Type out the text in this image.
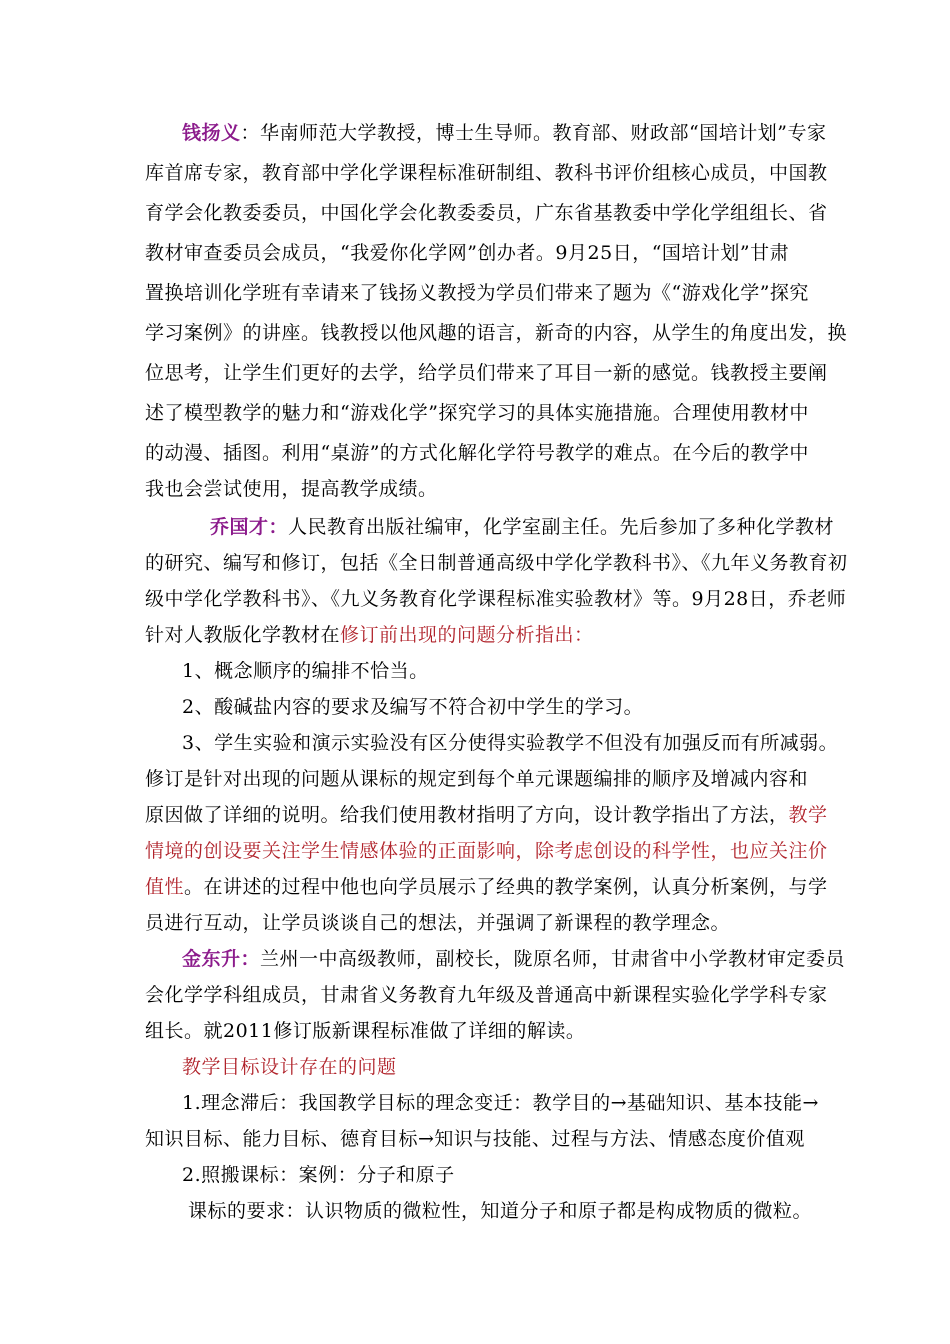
钱扬义：华南师范大学教授，博士生导师。教育部、财政部“国培计划”专家
库首席专家，教育部中学化学课程标准研制组、教科书评价组核心成员，中国教
育学会化教委委员，中国化学会化教委委员，广东省基教委中学化学组组长、省
教材审查委员会成员，“我爱你化学网”创办者。9月25日，“国培计划”甘肃
置换培训化学班有幸请来了钱扬义教授为学员们带来了题为《“游戏化学”探究
学习案例》的讲座。钱教授以他风趣的语言，新奇的内容，从学生的角度出发，换
位思考，让学生们更好的去学，给学员们带来了耳目一新的感觉。钱教授主要阐
述了模型教学的魅力和“游戏化学”探究学习的具体实施措施。合理使用教材中
的动漫、插图。利用“桌游”的方式化解化学符号教学的难点。在今后的教学中
我也会尝试使用，提高教学成绩。
乔国才：人民教育出版社编审，化学室副主任。先后参加了多种化学教材
的研究、编写和修订，包括《全日制普通高级中学化学教科书》、《九年义务教育初
级中学化学教科书》、《九义务教育化学课程标准实验教材》等。9月28日，乔老师
针对人教版化学教材在修订前出现的问题分析指出：
1、概念顺序的编排不恰当。
2、酸碱盐内容的要求及编写不符合初中学生的学习。
3、学生实验和演示实验没有区分使得实验教学不但没有加强反而有所减弱。
修订是针对出现的问题从课标的规定到每个单元课题编排的顺序及增减内容和
原因做了详细的说明。给我们使用教材指明了方向，设计教学指出了方法，教学
情境的创设要关注学生情感体验的正面影响，除考虑创设的科学性，也应关注价
值性。在讲述的过程中他也向学员展示了经典的教学案例，认真分析案例，与学
员进行互动，让学员谈谈自己的想法，并强调了新课程的教学理念。
金东升：兰州一中高级教师，副校长，陇原名师，甘肃省中小学教材审定委员
会化学学科组成员，甘肃省义务教育九年级及普通高中新课程实验化学学科专家
组长。就2011修订版新课程标准做了详细的解读。
教学目标设计存在的问题
1.理念滞后：我国教学目标的理念变迁：教学目的→基础知识、基本技能→
知识目标、能力目标、德育目标→知识与技能、过程与方法、情感态度价值观
2.照搬课标：案例：分子和原子
课标的要求：认识物质的微粒性，知道分子和原子都是构成物质的微粒。
